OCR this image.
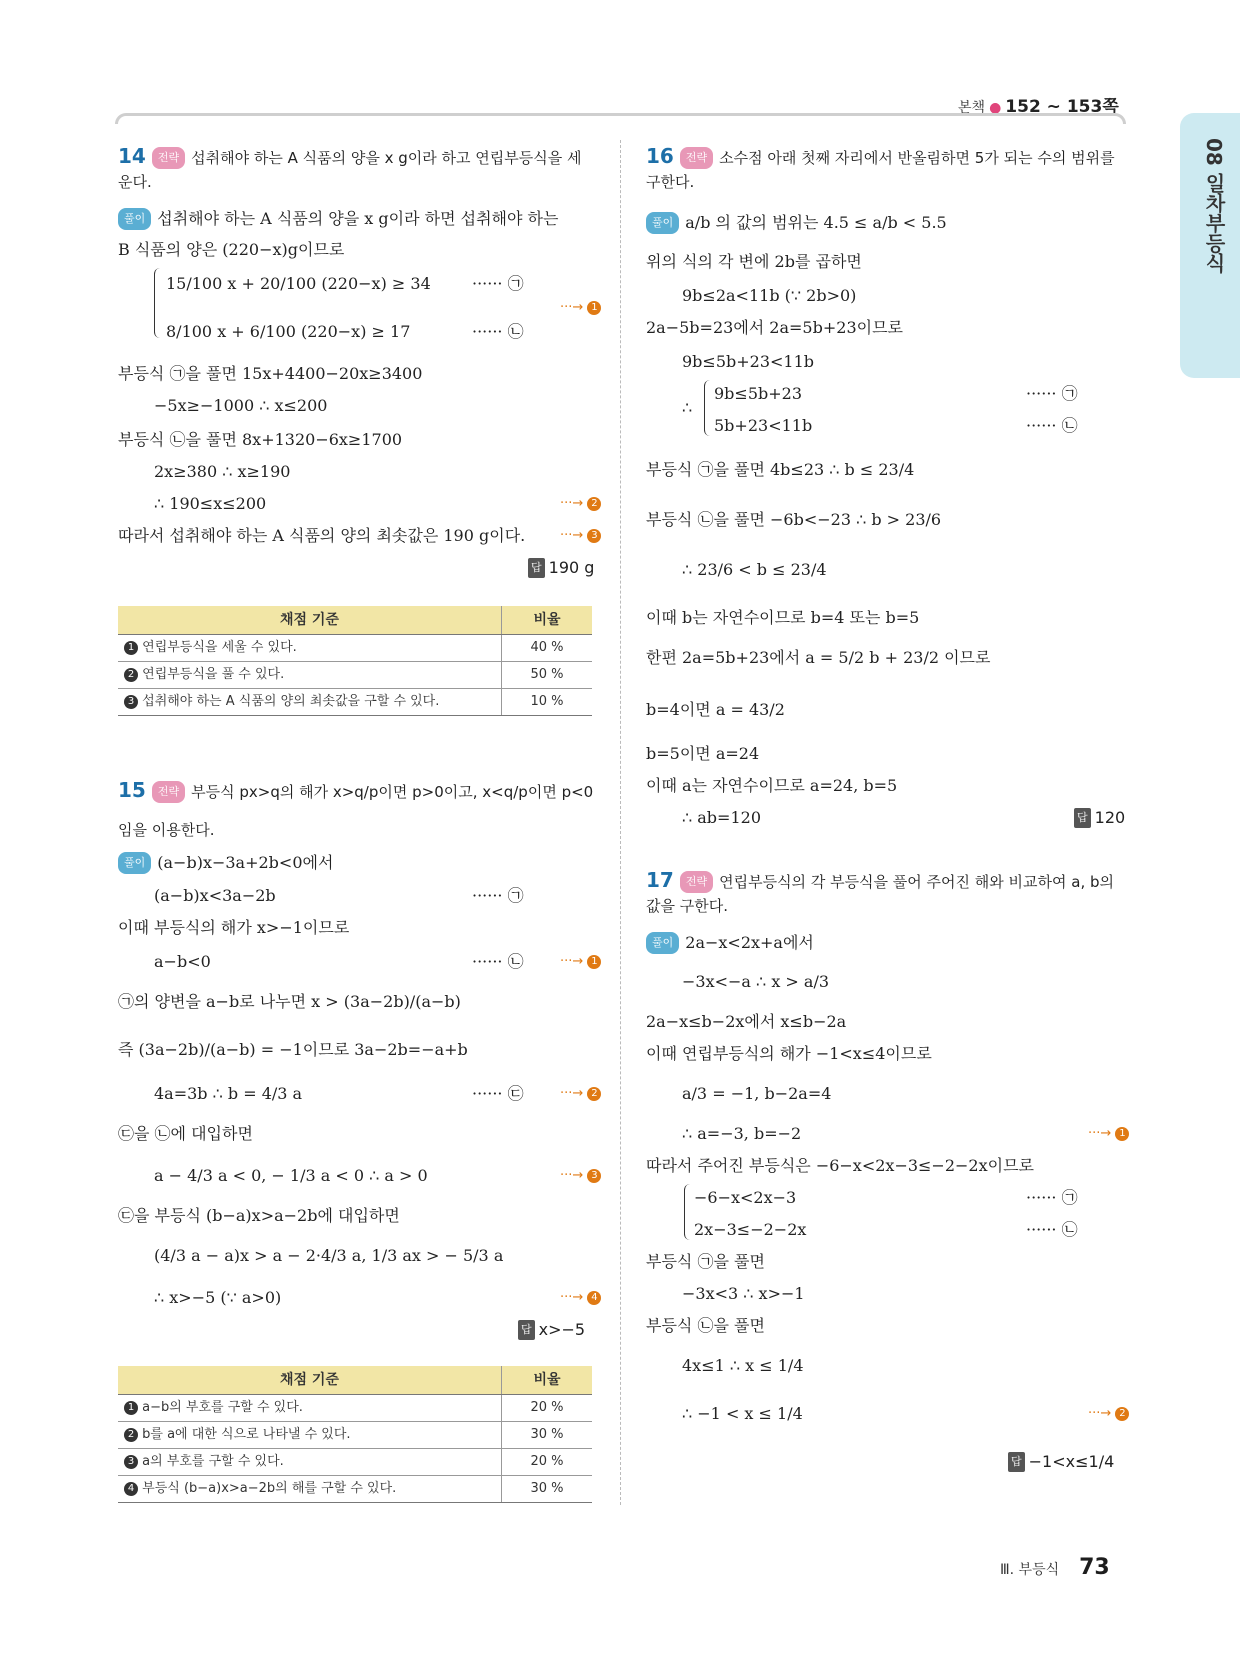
본책 ● 152 ~ 153쪽
08 일차부등식
14 전략 섭취해야 하는 A 식품의 양을 x g이라 하고 연립부등식을 세
운다.
풀이 섭취해야 하는 A 식품의 양을 x g이라 하면 섭취해야 하는
B 식품의 양은 (220−x)g이므로
15/100 x + 20/100 (220−x) ≥ 34	······ ㉠
···→ 1
8/100 x + 6/100 (220−x) ≥ 17	······ ㉡
부등식 ㉠을 풀면 15x+4400−20x≥3400
−5x≥−1000 ∴ x≤200
부등식 ㉡을 풀면 8x+1320−6x≥1700
2x≥380 ∴ x≥190
∴ 190≤x≤200	···→ 2
따라서 섭취해야 하는 A 식품의 양의 최솟값은 190 g이다.	···→ 3
답 190 g
채점 기준	비율
1 연립부등식을 세울 수 있다.	40 %
2 연립부등식을 풀 수 있다.	50 %
3 섭취해야 하는 A 식품의 양의 최솟값을 구할 수 있다.	10 %
15 전략 부등식 px>q의 해가 x>q/p이면 p>0이고, x<q/p이면 p<0
임을 이용한다.
풀이 (a−b)x−3a+2b<0에서
(a−b)x<3a−2b	······ ㉠
이때 부등식의 해가 x>−1이므로
a−b<0	······ ㉡	···→ 1
㉠의 양변을 a−b로 나누면 x > (3a−2b)/(a−b)
즉 (3a−2b)/(a−b) = −1이므로 3a−2b=−a+b
4a=3b ∴ b = 4/3 a	······ ㉢	···→ 2
㉢을 ㉡에 대입하면
a − 4/3 a < 0, − 1/3 a < 0 ∴ a > 0	···→ 3
㉢을 부등식 (b−a)x>a−2b에 대입하면
(4/3 a − a)x > a − 2·4/3 a, 1/3 ax > − 5/3 a
∴ x>−5 (∵ a>0)	···→ 4
답 x>−5
채점 기준	비율
1 a−b의 부호를 구할 수 있다.	20 %
2 b를 a에 대한 식으로 나타낼 수 있다.	30 %
3 a의 부호를 구할 수 있다.	20 %
4 부등식 (b−a)x>a−2b의 해를 구할 수 있다.	30 %
16 전략 소수점 아래 첫째 자리에서 반올림하면 5가 되는 수의 범위를
구한다.
풀이 a/b 의 값의 범위는 4.5 ≤ a/b < 5.5
위의 식의 각 변에 2b를 곱하면
9b≤2a<11b (∵ 2b>0)
2a−5b=23에서 2a=5b+23이므로
9b≤5b+23<11b
∴
9b≤5b+23	······ ㉠
5b+23<11b	······ ㉡
부등식 ㉠을 풀면 4b≤23 ∴ b ≤ 23/4
부등식 ㉡을 풀면 −6b<−23 ∴ b > 23/6
∴ 23/6 < b ≤ 23/4
이때 b는 자연수이므로 b=4 또는 b=5
한편 2a=5b+23에서 a = 5/2 b + 23/2 이므로
b=4이면 a = 43/2
b=5이면 a=24
이때 a는 자연수이므로 a=24, b=5
∴ ab=120	답 120
17 전략 연립부등식의 각 부등식을 풀어 주어진 해와 비교하여 a, b의
값을 구한다.
풀이 2a−x<2x+a에서
−3x<−a ∴ x > a/3
2a−x≤b−2x에서 x≤b−2a
이때 연립부등식의 해가 −1<x≤4이므로
a/3 = −1, b−2a=4
∴ a=−3, b=−2	···→ 1
따라서 주어진 부등식은 −6−x<2x−3≤−2−2x이므로
−6−x<2x−3	······ ㉠
2x−3≤−2−2x	······ ㉡
부등식 ㉠을 풀면
−3x<3 ∴ x>−1
부등식 ㉡을 풀면
4x≤1 ∴ x ≤ 1/4
∴ −1 < x ≤ 1/4	···→ 2
답 −1<x≤1/4
Ⅲ. 부등식 73
